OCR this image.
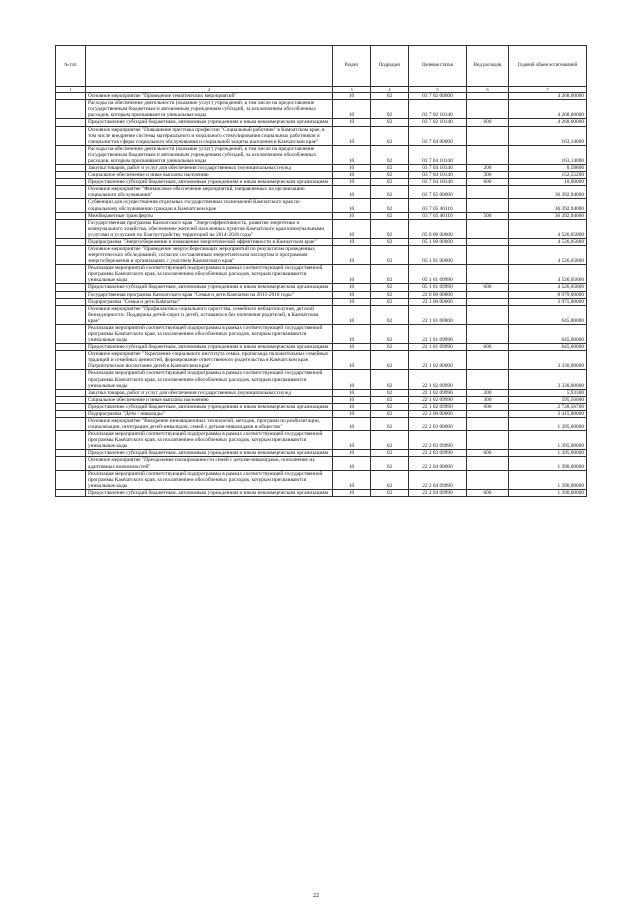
№ п/п		Раздел	Подраздел	Целевая статья	Вид расходов	Годовой объем ассигнований
1	2	3	4	5	6	7
	Основное мероприятие "Проведение тематических мероприятий"	10	02	03 7 02 00000		4 268,00000
	Расходы на обеспечение деятельности (оказание услуг) учреждений, в том числе на предоставление государственным бюджетным и автономным учреждениям субсидий, за исключением обособленных расходов, которым присваиваются уникальные коды	10	02	03 7 02 10140		4 268,00000
	Предоставление субсидий бюджетным, автономным учреждениям и иным некоммерческим организациям	10	02	03 7 02 10140	600	4 268,00000
	Основное мероприятие "Повышение престижа профессии "Социальный работник" в Камчатском крае, в том числе внедрение системы материального и морального стимулирования социальных работников и специалистов сферы социального обслуживания и социальной защиты населения в Камчатском крае"	10	02	03 7 04 00000		163,14000
	Расходы на обеспечение деятельности (оказание услуг) учреждений, в том числе на предоставление государственным бюджетным и автономным учреждениям субсидий, за исключением обособленных расходов, которым присваиваются уникальные коды	10	02	03 7 04 10140		163,14000
	Закупка товаров, работ и услуг для обеспечения государственных (муниципальных) нужд	10	02	03 7 04 10140	200	0,58800
	Социальное обеспечение и иные выплаты населению	10	02	03 7 04 10140	300	152,55200
	Предоставление субсидий бюджетным, автономным учреждениям и иным некоммерческим организациям	10	02	03 7 04 10140	600	10,00000
	Основное мероприятие "Финансовое обеспечение мероприятий, направленных на организацию социального обслуживания"	10	02	03 7 05 00000		36 392,94000
	Субвенции для осуществления отдельных государственных полномочий Камчатского края по социальному обслуживанию граждан в Камчатском крае	10	02	03 7 05 40110		36 392,94000
	Межбюджетные трансферты	10	02	03 7 05 40110	500	36 392,94000
	Государственная программа Камчатского края "Энергоэффективность, развитие энергетики и коммунального хозяйства, обеспечение жителей населенных пунктов Камчатского края коммунальными услугами и услугами по благоустройству территорий на 2014-2018 годы"	10	02	05 0 00 00000		4 526,05800
	Подпрограмма "Энергосбережение и повышение энергетической эффективности в Камчатском крае"	10	02	05 1 00 00000		4 526,05800
	Основное мероприятие "Проведение энергосберегающих мероприятий по результатам проведенных энергетических обследований, согласно составленным энергетическим паспортам и программам энергосбережения в организациях с участием Камчатского края"	10	02	05 1 01 00000		4 526,05800
	Реализация мероприятий соответствующей подпрограммы в рамках соответствующей государственной программы Камчатского края, за исключением обособленных расходов, которым присваиваются уникальные коды	10	02	05 1 01 09990		4 526,05800
	Предоставление субсидий бюджетным, автономным учреждениям и иным некоммерческим организациям	10	02	05 1 01 09990	600	4 526,05800
	Государственная программа Камчатского края "Семья и дети Камчатки на 2015-2018 годы"	10	02	22 0 00 00000		8 979,00000
	Подпрограмма "Семья и дети Камчатки"	10	02	22 1 00 00000		3 975,00000
	Основное мероприятие "Профилактика социального сиротства, семейного неблагополучия, детской безнадзорности. Поддержка детей-сирот и детей, оставшихся без попечения родителей, в Камчатском крае"	10	02	22 1 01 00000		645,00000
	Реализация мероприятий соответствующей подпрограммы в рамках соответствующей государственной программы Камчатского края, за исключением обособленных расходов, которым присваиваются уникальные коды	10	02	22 1 01 09990		645,00000
	Предоставление субсидий бюджетным, автономным учреждениям и иным некоммерческим организациям	10	02	22 1 01 09990	600	645,00000
	Основное мероприятие "Укрепление социального института семьи, пропаганда положительных семейных традиций и семейных ценностей, формирование ответственного родительства в Камчатском крае. Патриотическое воспитание детей в Камчатском крае"	10	02	22 1 02 00000		3 330,00000
	Реализация мероприятий соответствующей подпрограммы в рамках соответствующей государственной программы Камчатского края, за исключением обособленных расходов, которым присваиваются уникальные коды	10	02	22 1 02 09990		3 330,00000
	Закупка товаров, работ и услуг для обеспечения государственных (муниципальных) нужд	10	02	22 1 02 09990	200	5,93300
	Социальное обеспечение и иные выплаты населению	10	02	22 1 02 09990	300	595,50000
	Предоставление субсидий бюджетным, автономным учреждениям и иным некоммерческим организациям	10	02	22 1 02 09990	600	2 728,56700
	Подпрограмма "Дети - инвалиды"	10	02	22 2 00 00000		3 415,00000
	Основное мероприятие "Внедрение инновационных технологий, методик, программ по реабилитации, социализации, интеграции детей-инвалидов, семей с детьми-инвалидами в общество"	10	02	22 2 03 00000		1 395,00000
	Реализация мероприятий соответствующей подпрограммы в рамках соответствующей государственной программы Камчатского края, за исключением обособленных расходов, которым присваиваются уникальные коды	10	02	22 2 03 09990		1 395,00000
	Предоставление субсидий бюджетным, автономным учреждениям и иным некоммерческим организациям	10	02	22 2 03 09990	600	1 395,00000
	Основное мероприятие "Преодоление изолированности семей с детьми-инвалидами, пополнение их адаптивных возможностей"	10	02	22 2 04 00000		1 390,00000
	Реализация мероприятий соответствующей подпрограммы в рамках соответствующей государственной программы Камчатского края, за исключением обособленных расходов, которым присваиваются уникальные коды	10	02	22 2 04 09990		1 390,00000
	Предоставление субсидий бюджетным, автономным учреждениям и иным некоммерческим организациям	10	02	22 2 04 09990	600	1 390,00000
22
